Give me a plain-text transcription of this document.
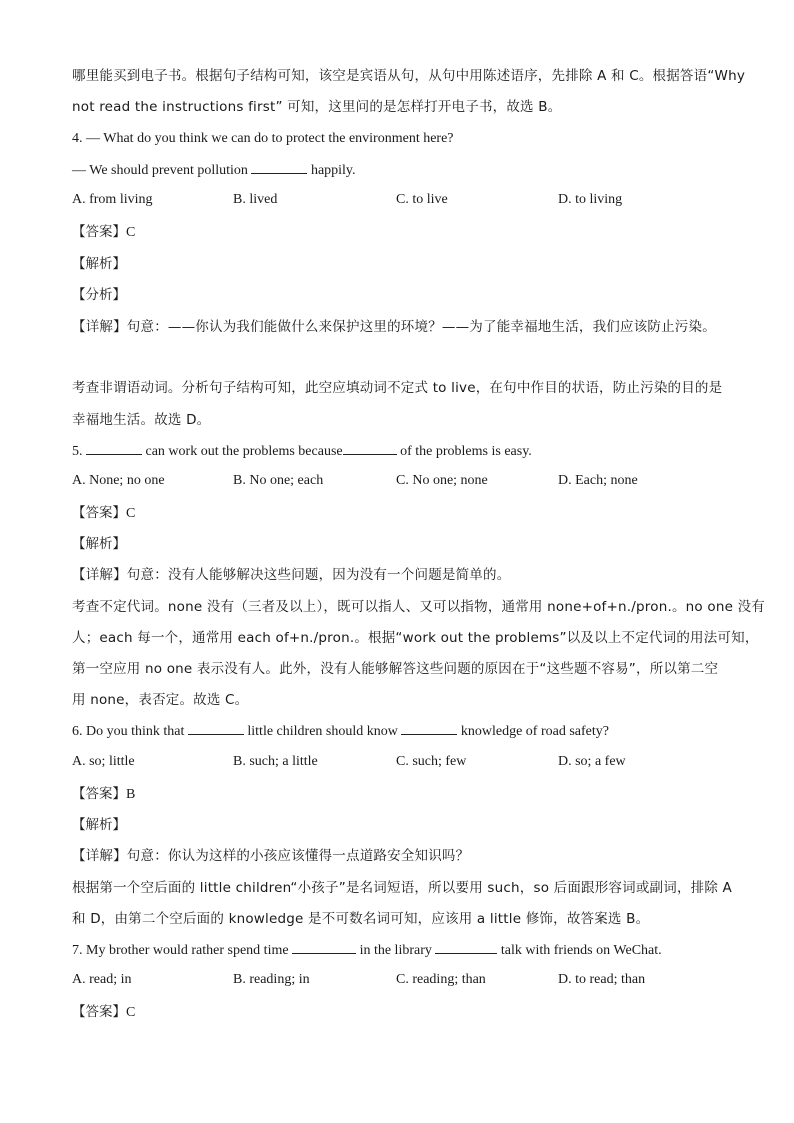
哪里能买到电子书。根据句子结构可知，该空是宾语从句，从句中用陈述语序，先排除 A 和 C。根据答语“Why
not read the instructions first” 可知，这里问的是怎样打开电子书，故选 B。
4. — What do you think we can do to protect the environment here?
— We should prevent pollution	happily.
A. from living	B. lived	C. to live	D. to living
【答案】C
【解析】
【分析】
【详解】句意：——你认为我们能做什么来保护这里的环境？——为了能幸福地生活，我们应该防止污染。
考查非谓语动词。分析句子结构可知，此空应填动词不定式 to live，在句中作目的状语，防止污染的目的是
幸福地生活。故选 D。
5.	can work out the problems because	of the problems is easy.
A. None; no one	B. No one; each	C. No one; none	D. Each; none
【答案】C
【解析】
【详解】句意：没有人能够解决这些问题，因为没有一个问题是简单的。
考查不定代词。none 没有（三者及以上），既可以指人、又可以指物，通常用 none+of+n./pron.。no one 没有
人；each 每一个，通常用 each of+n./pron.。根据“work out the problems”以及以上不定代词的用法可知，
第一空应用 no one 表示没有人。此外，没有人能够解答这些问题的原因在于“这些题不容易”，所以第二空
用 none，表否定。故选 C。
6. Do you think that	little children should know	knowledge of road safety?
A. so; little	B. such; a little	C. such; few	D. so; a few
【答案】B
【解析】
【详解】句意：你认为这样的小孩应该懂得一点道路安全知识吗？
根据第一个空后面的 little children“小孩子”是名词短语，所以要用 such，so 后面跟形容词或副词，排除 A
和 D，由第二个空后面的 knowledge 是不可数名词可知，应该用 a little 修饰，故答案选 B。
7. My brother would rather spend time	in the library	talk with friends on WeChat.
A. read; in	B. reading; in	C. reading; than	D. to read; than
【答案】C
